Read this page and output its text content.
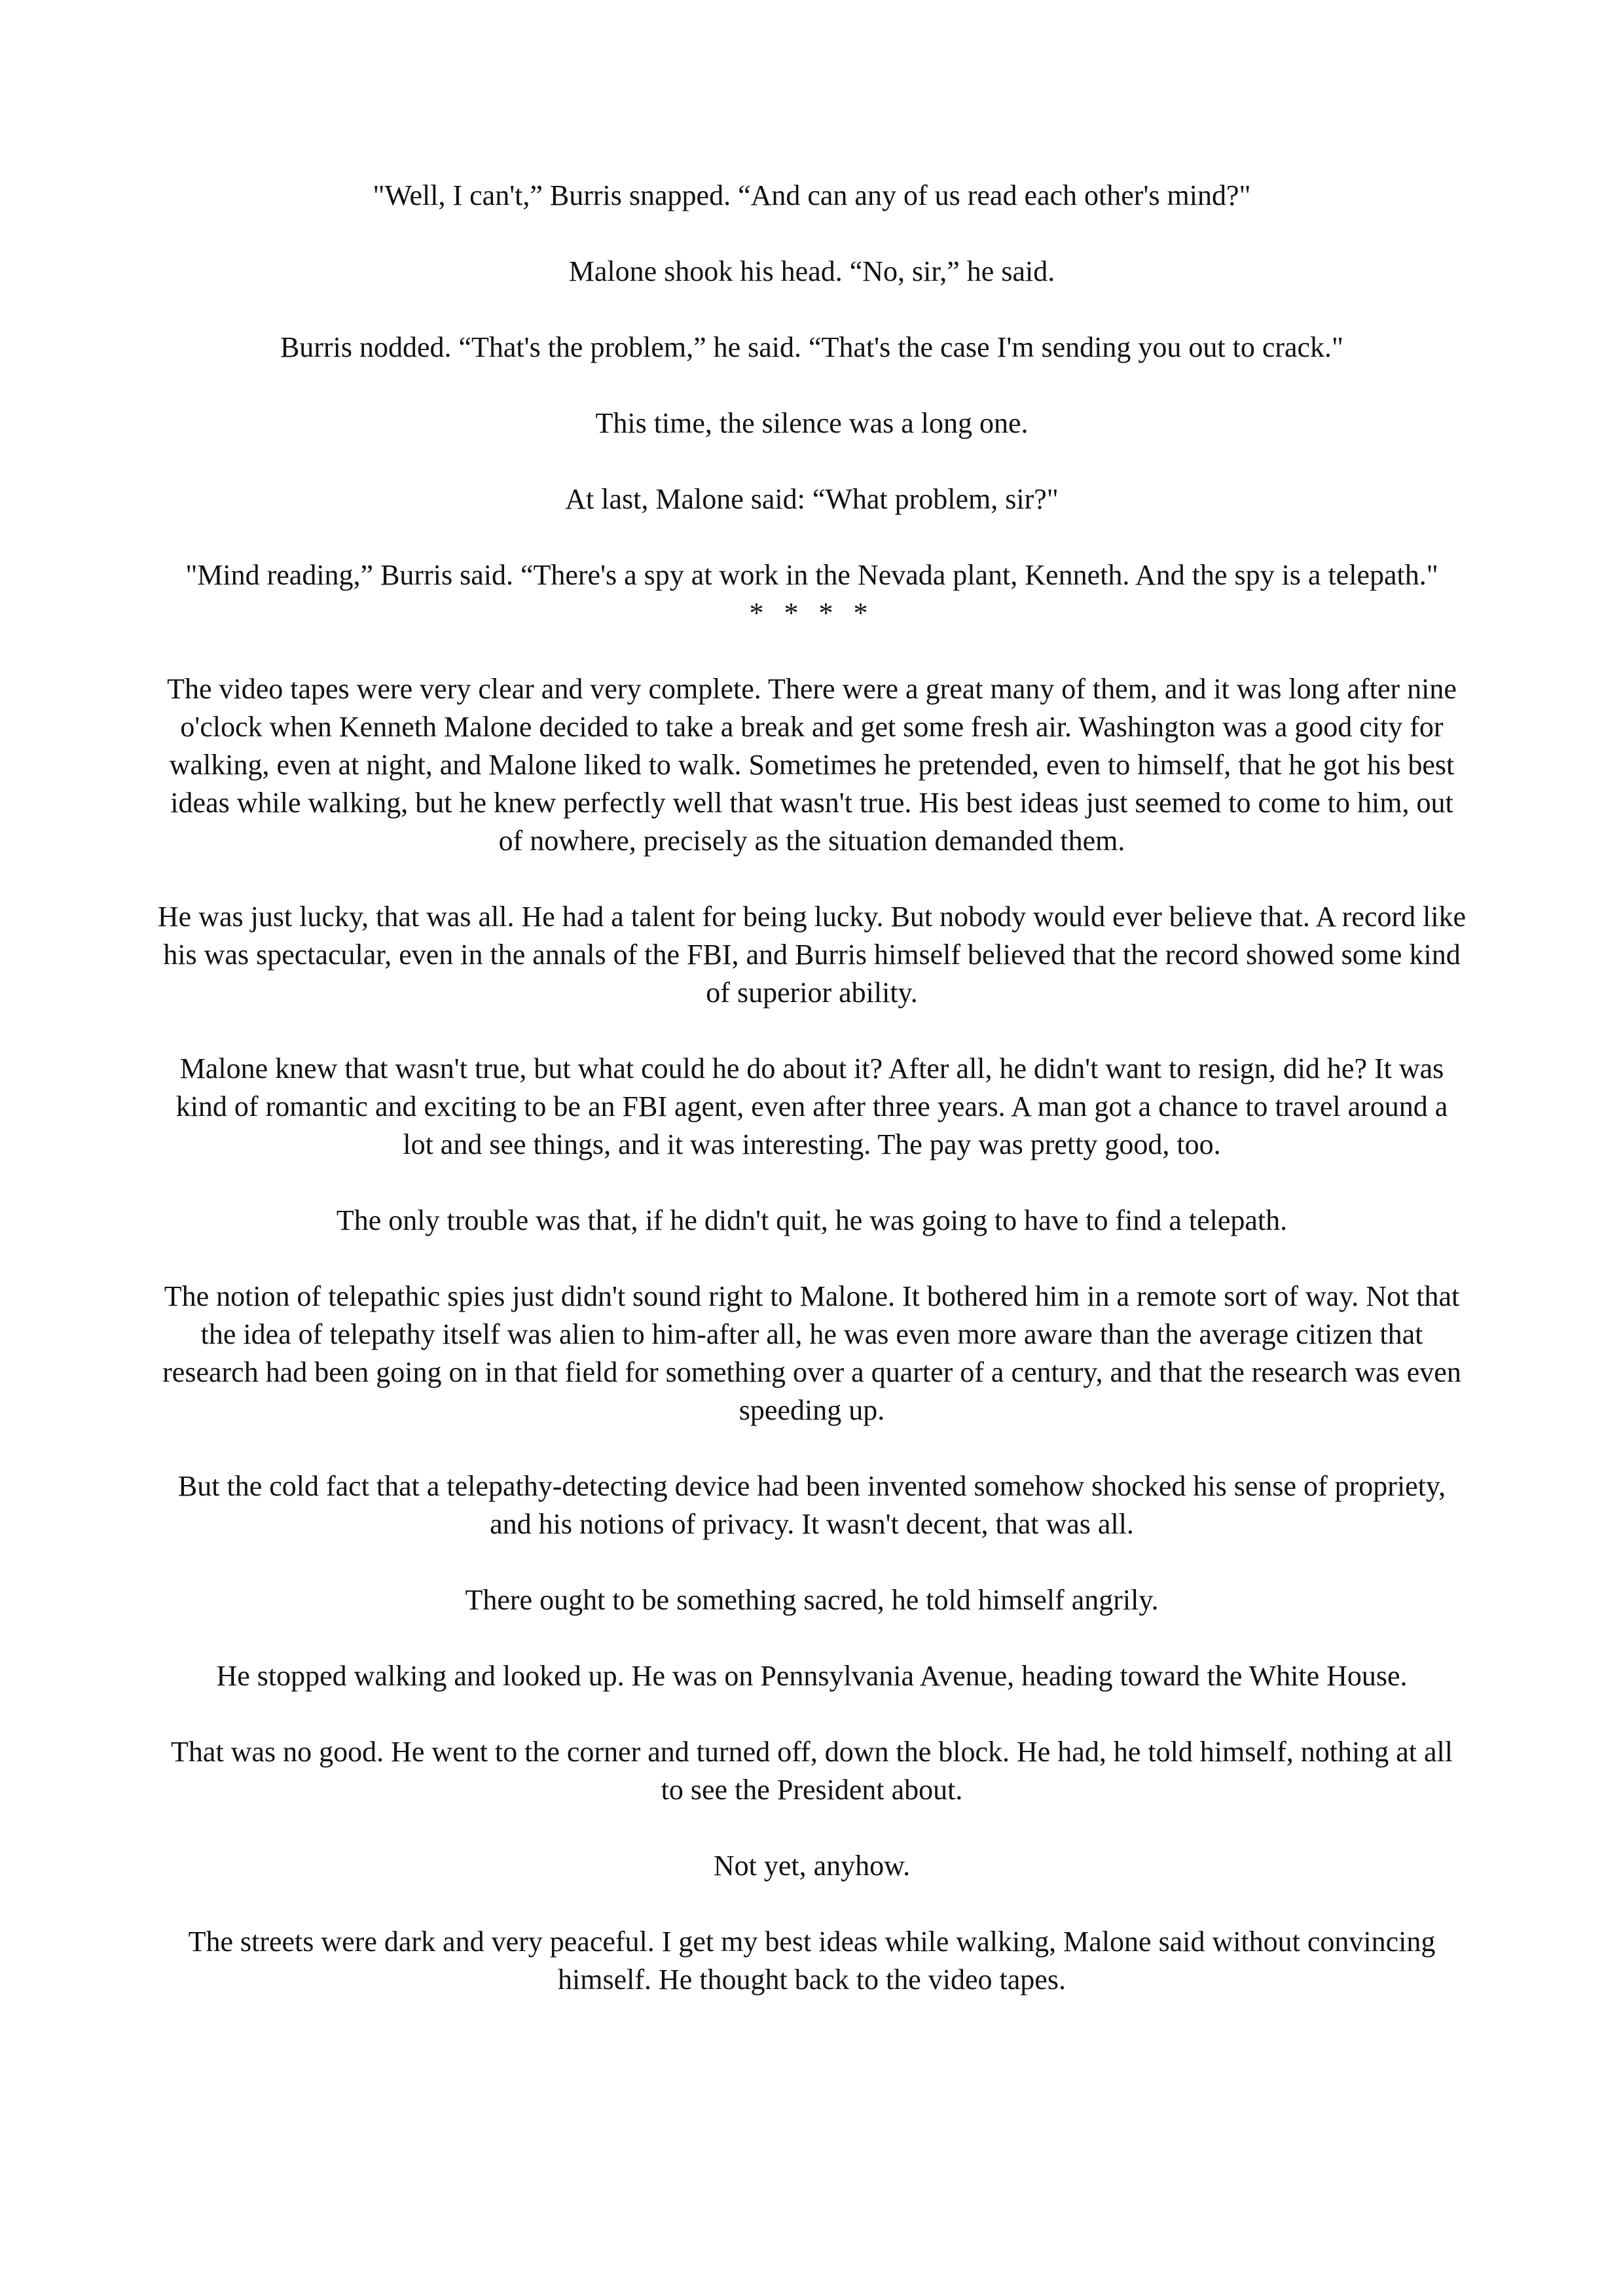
"Well, I can't,” Burris snapped. “And can any of us read each other's mind?"

Malone shook his head. “No, sir,” he said.

Burris nodded. “That's the problem,” he said. “That's the case I'm sending you out to crack."

This time, the silence was a long one.

At last, Malone said: “What problem, sir?"

"Mind reading,” Burris said. “There's a spy at work in the Nevada plant, Kenneth. And the spy is a telepath."

* * * *

The video tapes were very clear and very complete. There were a great many of them, and it was long after nine o'clock when Kenneth Malone decided to take a break and get some fresh air. Washington was a good city for walking, even at night, and Malone liked to walk. Sometimes he pretended, even to himself, that he got his best ideas while walking, but he knew perfectly well that wasn't true. His best ideas just seemed to come to him, out of nowhere, precisely as the situation demanded them.

He was just lucky, that was all. He had a talent for being lucky. But nobody would ever believe that. A record like his was spectacular, even in the annals of the FBI, and Burris himself believed that the record showed some kind of superior ability.

Malone knew that wasn't true, but what could he do about it? After all, he didn't want to resign, did he? It was kind of romantic and exciting to be an FBI agent, even after three years. A man got a chance to travel around a lot and see things, and it was interesting. The pay was pretty good, too.

The only trouble was that, if he didn't quit, he was going to have to find a telepath.

The notion of telepathic spies just didn't sound right to Malone. It bothered him in a remote sort of way. Not that the idea of telepathy itself was alien to him-after all, he was even more aware than the average citizen that research had been going on in that field for something over a quarter of a century, and that the research was even speeding up.

But the cold fact that a telepathy-detecting device had been invented somehow shocked his sense of propriety, and his notions of privacy. It wasn't decent, that was all.

There ought to be something sacred, he told himself angrily.

He stopped walking and looked up. He was on Pennsylvania Avenue, heading toward the White House.

That was no good. He went to the corner and turned off, down the block. He had, he told himself, nothing at all to see the President about.

Not yet, anyhow.

The streets were dark and very peaceful. I get my best ideas while walking, Malone said without convincing himself. He thought back to the video tapes.
